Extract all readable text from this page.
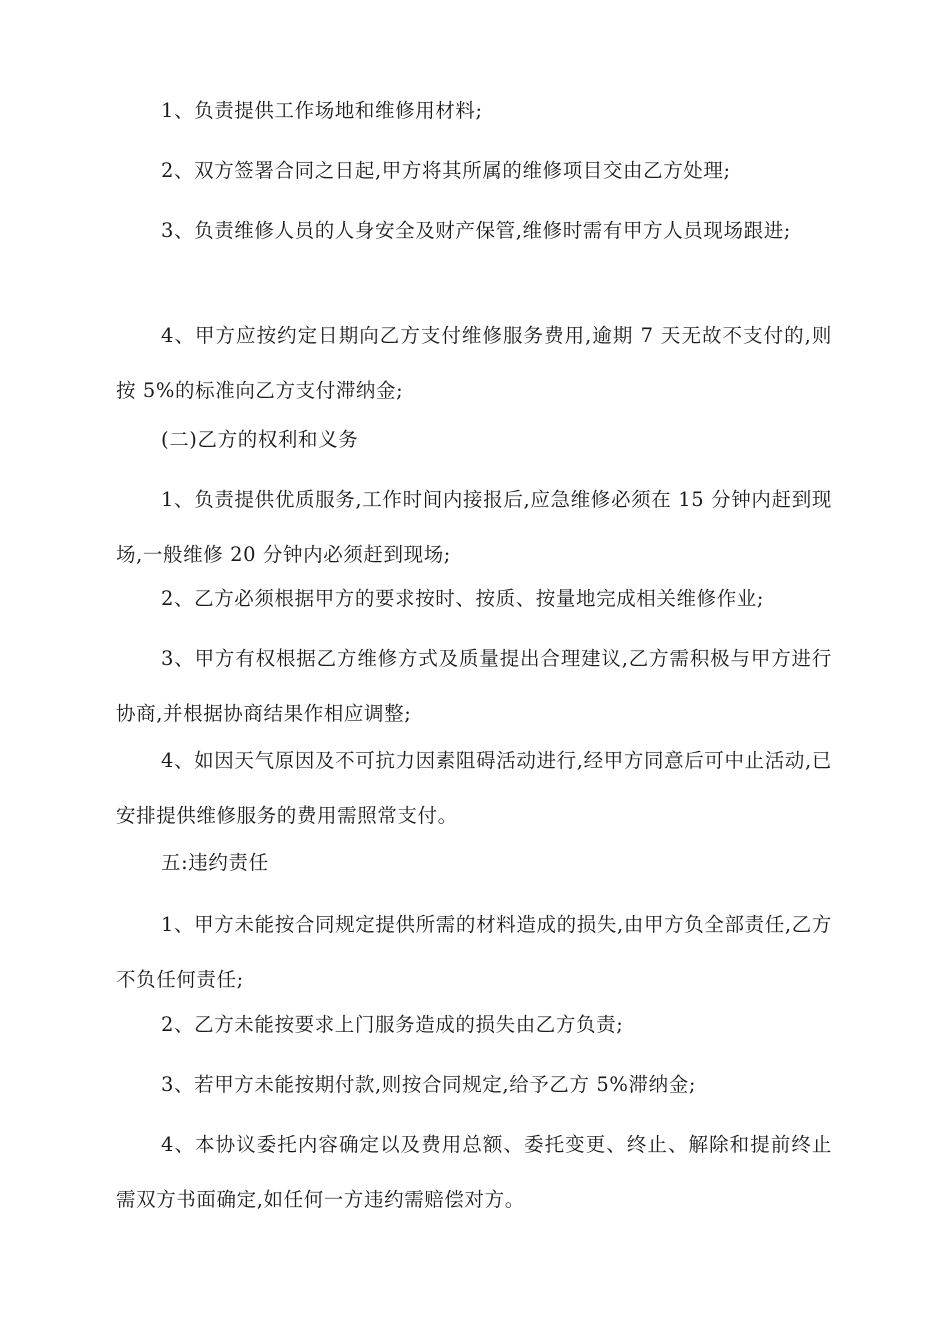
1、负责提供工作场地和维修用材料;

2、双方签署合同之日起,甲方将其所属的维修项目交由乙方处理;

3、负责维修人员的人身安全及财产保管,维修时需有甲方人员现场跟进;

4、甲方应按约定日期向乙方支付维修服务费用,逾期 7 天无故不支付的,则按 5%的标准向乙方支付滞纳金;

(二)乙方的权利和义务

1、负责提供优质服务,工作时间内接报后,应急维修必须在 15 分钟内赶到现场,一般维修 20 分钟内必须赶到现场;

2、乙方必须根据甲方的要求按时、按质、按量地完成相关维修作业;

3、甲方有权根据乙方维修方式及质量提出合理建议,乙方需积极与甲方进行协商,并根据协商结果作相应调整;

4、如因天气原因及不可抗力因素阻碍活动进行,经甲方同意后可中止活动,已安排提供维修服务的费用需照常支付。

五:违约责任

1、甲方未能按合同规定提供所需的材料造成的损失,由甲方负全部责任,乙方不负任何责任;

2、乙方未能按要求上门服务造成的损失由乙方负责;

3、若甲方未能按期付款,则按合同规定,给予乙方 5%滞纳金;

4、本协议委托内容确定以及费用总额、委托变更、终止、解除和提前终止需双方书面确定,如任何一方违约需赔偿对方。
